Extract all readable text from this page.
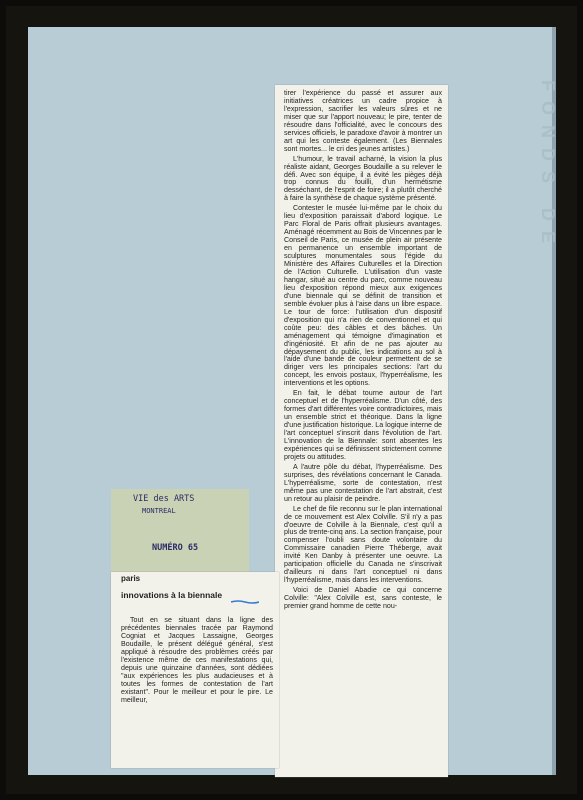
FONDS DE

tirer l'expérience du passé et assurer aux initiatives créatrices un cadre propice à l'expression, sacrifier les valeurs sûres et ne miser que sur l'apport nouveau; le pire, tenter de résoudre dans l'officialité, avec le concours des services officiels, le paradoxe d'avoir à montrer un art qui les conteste également. (Les Biennales sont mortes... le cri des jeunes artistes.)

L'humour, le travail acharné, la vision la plus réaliste aidant, Georges Boudaille a su relever le défi. Avec son équipe, il a évité les pièges déjà trop connus du fouilli, d'un hermétisme desséchant, de l'esprit de foire; il a plutôt cherché à faire la synthèse de chaque système présenté.

Contester le musée lui-même par le choix du lieu d'exposition paraissait d'abord logique. Le Parc Floral de Paris offrait plusieurs avantages. Aménagé récemment au Bois de Vincennes par le Conseil de Paris, ce musée de plein air présente en permanence un ensemble important de sculptures monumentales sous l'égide du Ministère des Affaires Culturelles et la Direction de l'Action Culturelle. L'utilisation d'un vaste hangar, situé au centre du parc, comme nouveau lieu d'exposition répond mieux aux exigences d'une biennale qui se définit de transition et semble évoluer plus à l'aise dans un libre espace. Le tour de force: l'utilisation d'un dispositif d'exposition qui n'a rien de conventionnel et qui coûte peu: des câbles et des bâches. Un aménagement qui témoigne d'imagination et d'ingéniosité. Et afin de ne pas ajouter au dépaysement du public, les indications au sol à l'aide d'une bande de couleur permettent de se diriger vers les principales sections: l'art du concept, les envois postaux, l'hyperréalisme, les interventions et les options.

En fait, le débat tourne autour de l'art conceptuel et de l'hyperréalisme. D'un côté, des formes d'art différentes voire contradictoires, mais un ensemble strict et théorique. Dans la ligne d'une justification historique. La logique interne de l'art conceptuel s'inscrit dans l'évolution de l'art. L'innovation de la Biennale: sont absentes les expériences qui se définissent strictement comme projets ou attitudes.

A l'autre pôle du débat, l'hyperréalisme. Des surprises, des révélations concernant le Canada. L'hyperréalisme, sorte de contestation, n'est même pas une contestation de l'art abstrait, c'est un retour au plaisir de peindre.

Le chef de file reconnu sur le plan international de ce mouvement est Alex Colville. S'il n'y a pas d'oeuvre de Colville à la Biennale, c'est qu'il a plus de trente-cinq ans. La section française, pour compenser l'oubli sans doute volontaire du Commissaire canadien Pierre Théberge, avait invité Ken Danby à présenter une oeuvre. La participation officielle du Canada ne s'inscrivait d'ailleurs ni dans l'art conceptuel ni dans l'hyperréalisme, mais dans les interventions.

Voici de Daniel Abadie ce qui concerne Colville: "Alex Colville est, sans conteste, le premier grand homme de cette nou-

VIE des ARTS
MONTREAL
NUMÉRO 65
paris
innovations à la biennale

Tout en se situant dans la ligne des précédentes biennales tracée par Raymond Cogniat et Jacques Lassaigne, Georges Boudaille, le présent délégué général, s'est appliqué à résoudre des problèmes créés par l'existence même de ces manifestations qui, depuis une quinzaine d'années, sont dédiées "aux expériences les plus audacieuses et à toutes les formes de contestation de l'art existant". Pour le meilleur et pour le pire. Le meilleur,
